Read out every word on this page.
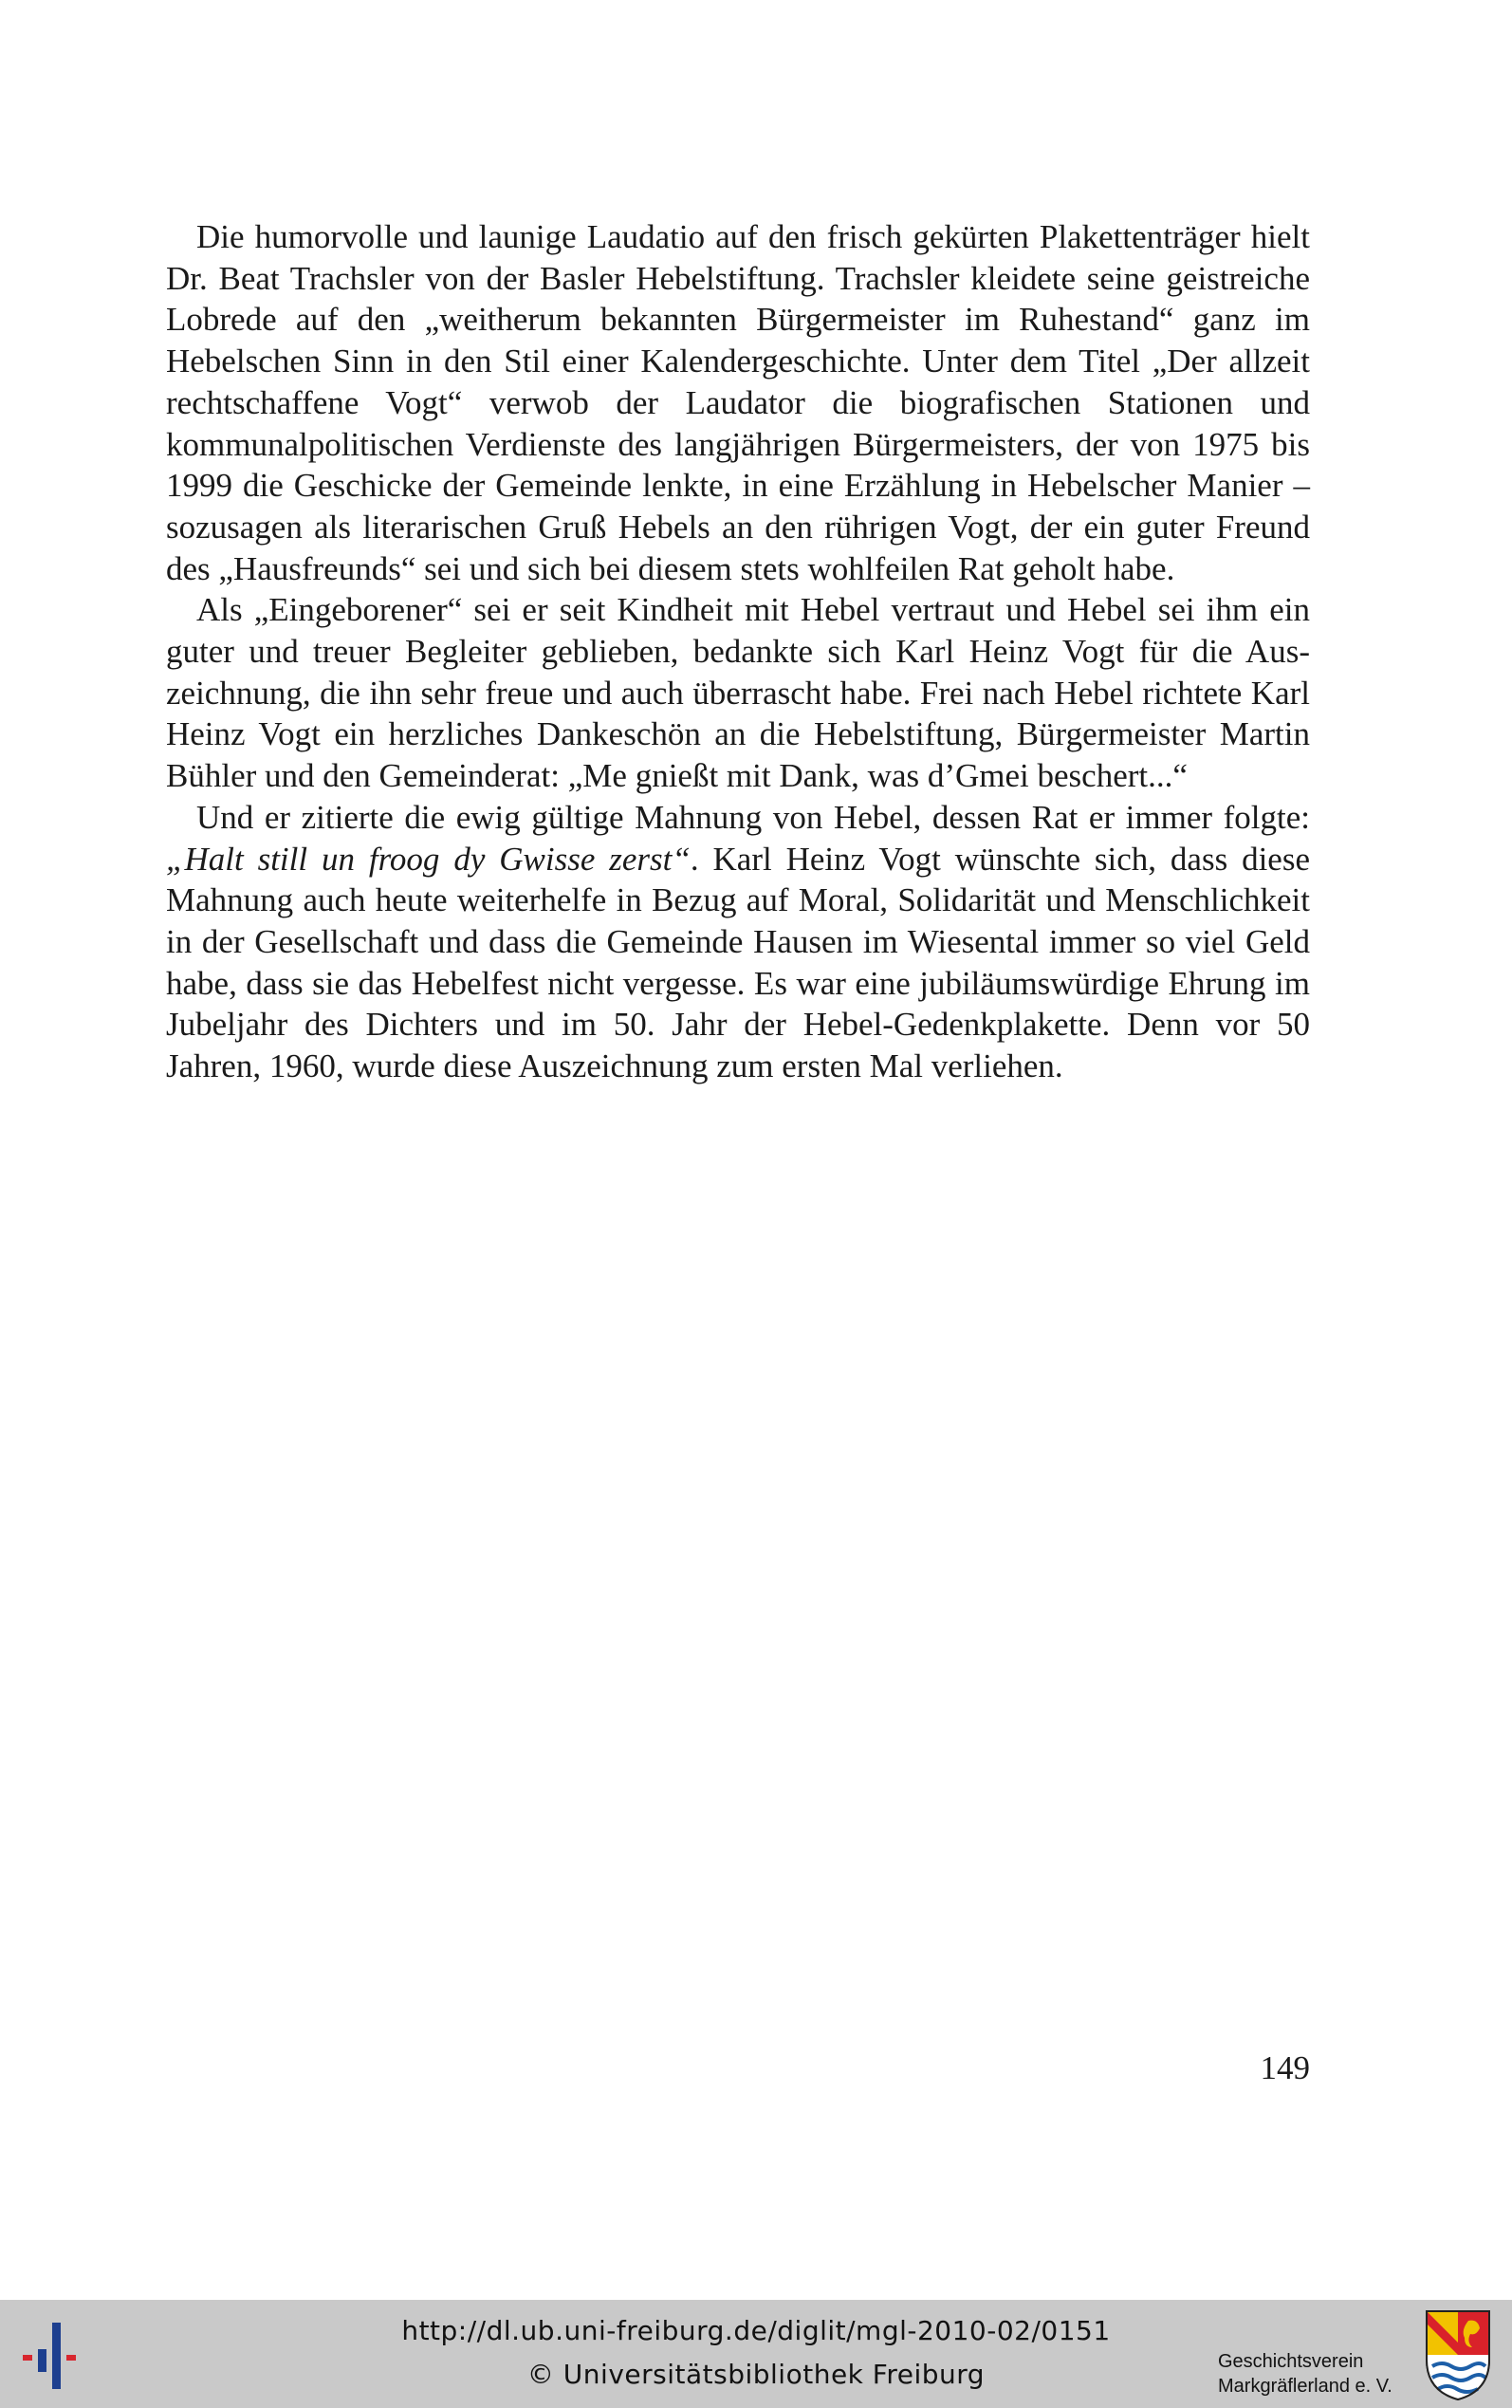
Die humorvolle und launige Laudatio auf den frisch gekürten Plakettenträger hielt Dr. Beat Trachsler von der Basler Hebelstiftung. Trachsler kleidete seine geistreiche Lobrede auf den „weitherum bekannten Bürgermeister im Ruhestand“ ganz im Hebelschen Sinn in den Stil einer Kalendergeschichte. Unter dem Titel „Der allzeit rechtschaffene Vogt“ verwob der Laudator die biografischen Stationen und kommunalpolitischen Verdienste des langjährigen Bürgermeisters, der von 1975 bis 1999 die Geschicke der Gemeinde lenkte, in eine Erzählung in Hebelscher Manier – sozusagen als literarischen Gruß Hebels an den rührigen Vogt, der ein guter Freund des „Hausfreunds“ sei und sich bei diesem stets wohlfeilen Rat geholt habe.

Als „Eingeborener“ sei er seit Kindheit mit Hebel vertraut und Hebel sei ihm ein guter und treuer Begleiter geblieben, bedankte sich Karl Heinz Vogt für die Auszeichnung, die ihn sehr freue und auch überrascht habe. Frei nach Hebel richtete Karl Heinz Vogt ein herzliches Dankeschön an die Hebelstiftung, Bürgermeister Martin Bühler und den Gemeinderat: „Me gnießt mit Dank, was d’Gmei beschert...“

Und er zitierte die ewig gültige Mahnung von Hebel, dessen Rat er immer folgte: „Halt still un froog dy Gwisse zerst“. Karl Heinz Vogt wünschte sich, dass diese Mahnung auch heute weiterhelfe in Bezug auf Moral, Solidarität und Menschlichkeit in der Gesellschaft und dass die Gemeinde Hausen im Wiesental immer so viel Geld habe, dass sie das Hebelfest nicht vergesse. Es war eine jubiläumswürdige Ehrung im Jubeljahr des Dichters und im 50. Jahr der Hebel-Gedenkplakette. Denn vor 50 Jahren, 1960, wurde diese Auszeichnung zum ersten Mal verliehen.

149
http://dl.ub.uni-freiburg.de/diglit/mgl-2010-02/0151
© Universitätsbibliothek Freiburg	Geschichtsverein
Markgräflerland e. V.
